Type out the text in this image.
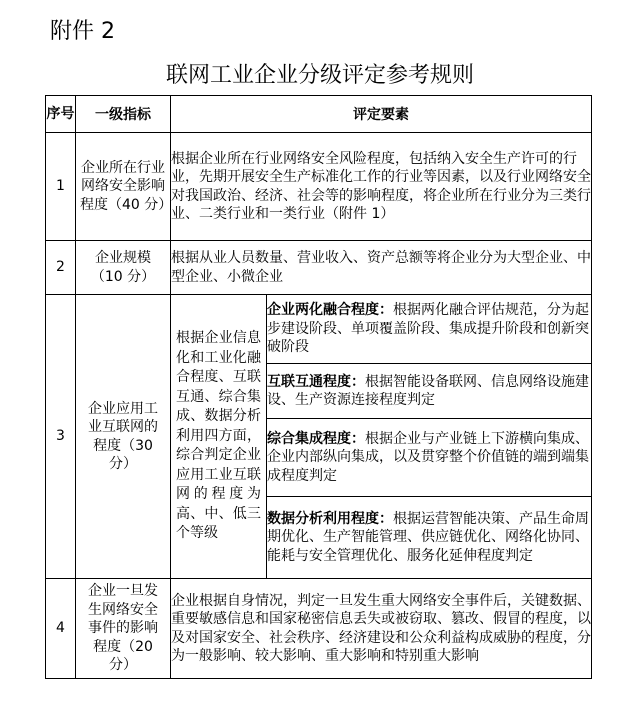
附件 2
联网工业企业分级评定参考规则
序号	一级指标	评定要素	
1	企业所在行业网络安全影响程度（40 分）	根据企业所在行业网络安全风险程度，包括纳入安全生产许可的行业，先期开展安全生产标准化工作的行业等因素，以及行业网络安全对我国政治、经济、社会等的影响程度，将企业所在行业分为三类行业、二类行业和一类行业（附件 1）	
2	企业规模（10 分）	根据从业人员数量、营业收入、资产总额等将企业分为大型企业、中型企业、小微企业	
3	企业应用工业互联网的程度（30 分）	根据企业信息化和工业化融合程度、互联互通、综合集成、数据分析利用四方面，综合判定企业应用工业互联网的程度为高、中、低三个等级	企业两化融合程度：根据两化融合评估规范，分为起步建设阶段、单项覆盖阶段、集成提升阶段和创新突破阶段
			互联互通程度：根据智能设备联网、信息网络设施建设、生产资源连接程度判定
			综合集成程度：根据企业与产业链上下游横向集成、企业内部纵向集成，以及贯穿整个价值链的端到端集成程度判定
			数据分析利用程度：根据运营智能决策、产品生命周期优化、生产智能管理、供应链优化、网络化协同、能耗与安全管理优化、服务化延伸程度判定
4	企业一旦发生网络安全事件的影响程度（20 分）	企业根据自身情况，判定一旦发生重大网络安全事件后，关键数据、重要敏感信息和国家秘密信息丢失或被窃取、篡改、假冒的程度，以及对国家安全、社会秩序、经济建设和公众利益构成威胁的程度，分为一般影响、较大影响、重大影响和特别重大影响	
